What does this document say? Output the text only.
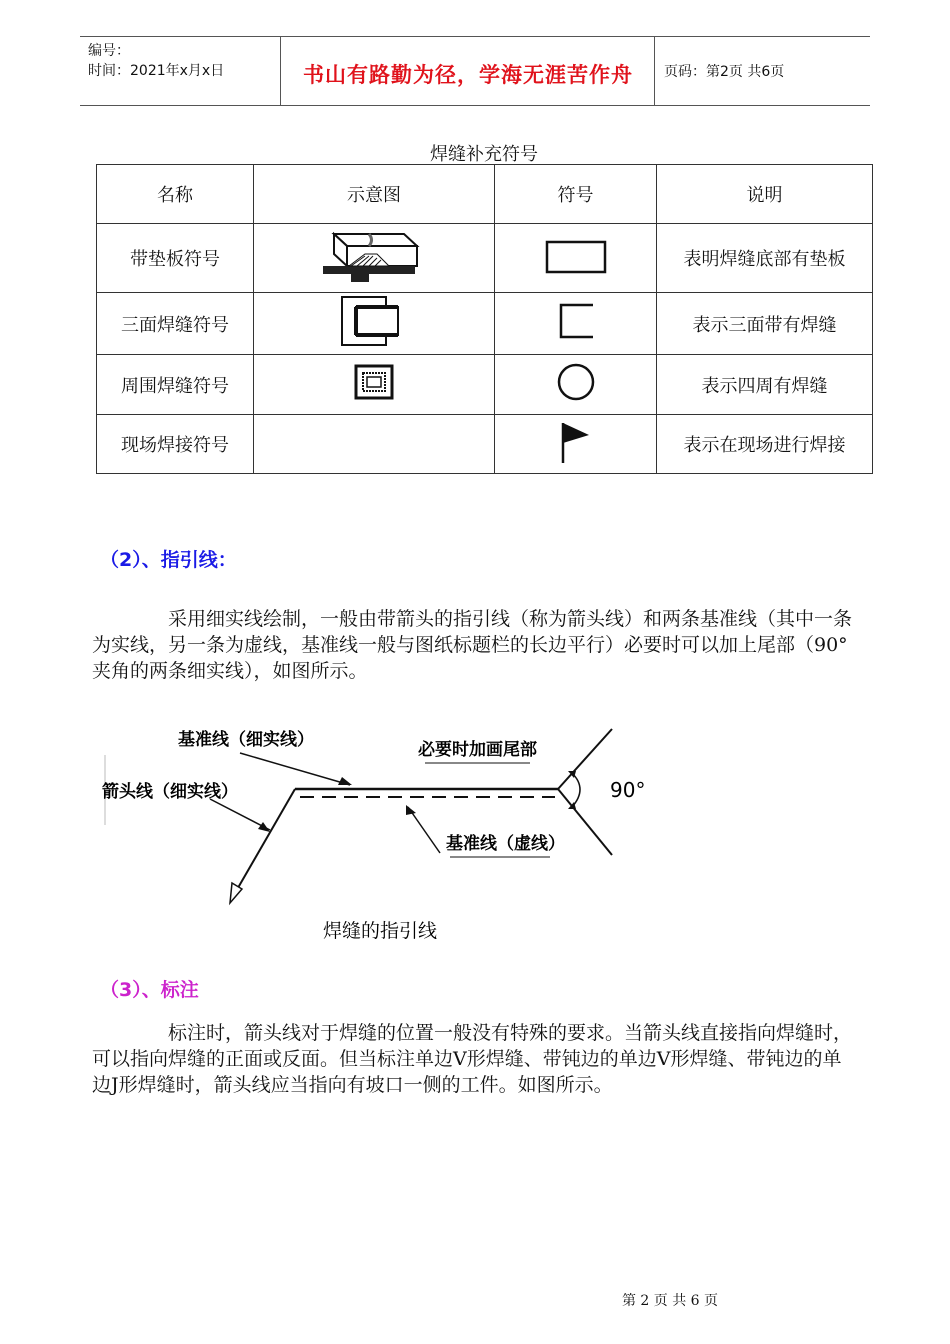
编号：
时间：2021年x月x日	书山有路勤为径，学海无涯苦作舟	页码：第2页 共6页
焊缝补充符号
名称	示意图	符号	说明
带垫板符号			表明焊缝底部有垫板
三面焊缝符号			表示三面带有焊缝
周围焊缝符号			表示四周有焊缝
现场焊接符号			表示在现场进行焊接
（2）、指引线：

采用细实线绘制，一般由带箭头的指引线（称为箭头线）和两条基准线（其中一条为实线，另一条为虚线，基准线一般与图纸标题栏的长边平行）必要时可以加上尾部（90°夹角的两条细实线），如图所示。

基准线（细实线）
箭头线（细实线）
必要时加画尾部
90°
基准线（虚线）
焊缝的指引线
（3）、标注

标注时，箭头线对于焊缝的位置一般没有特殊的要求。当箭头线直接指向焊缝时，可以指向焊缝的正面或反面。但当标注单边V形焊缝、带钝边的单边V形焊缝、带钝边的单边J形焊缝时，箭头线应当指向有坡口一侧的工件。如图所示。

第 2 页 共 6 页
